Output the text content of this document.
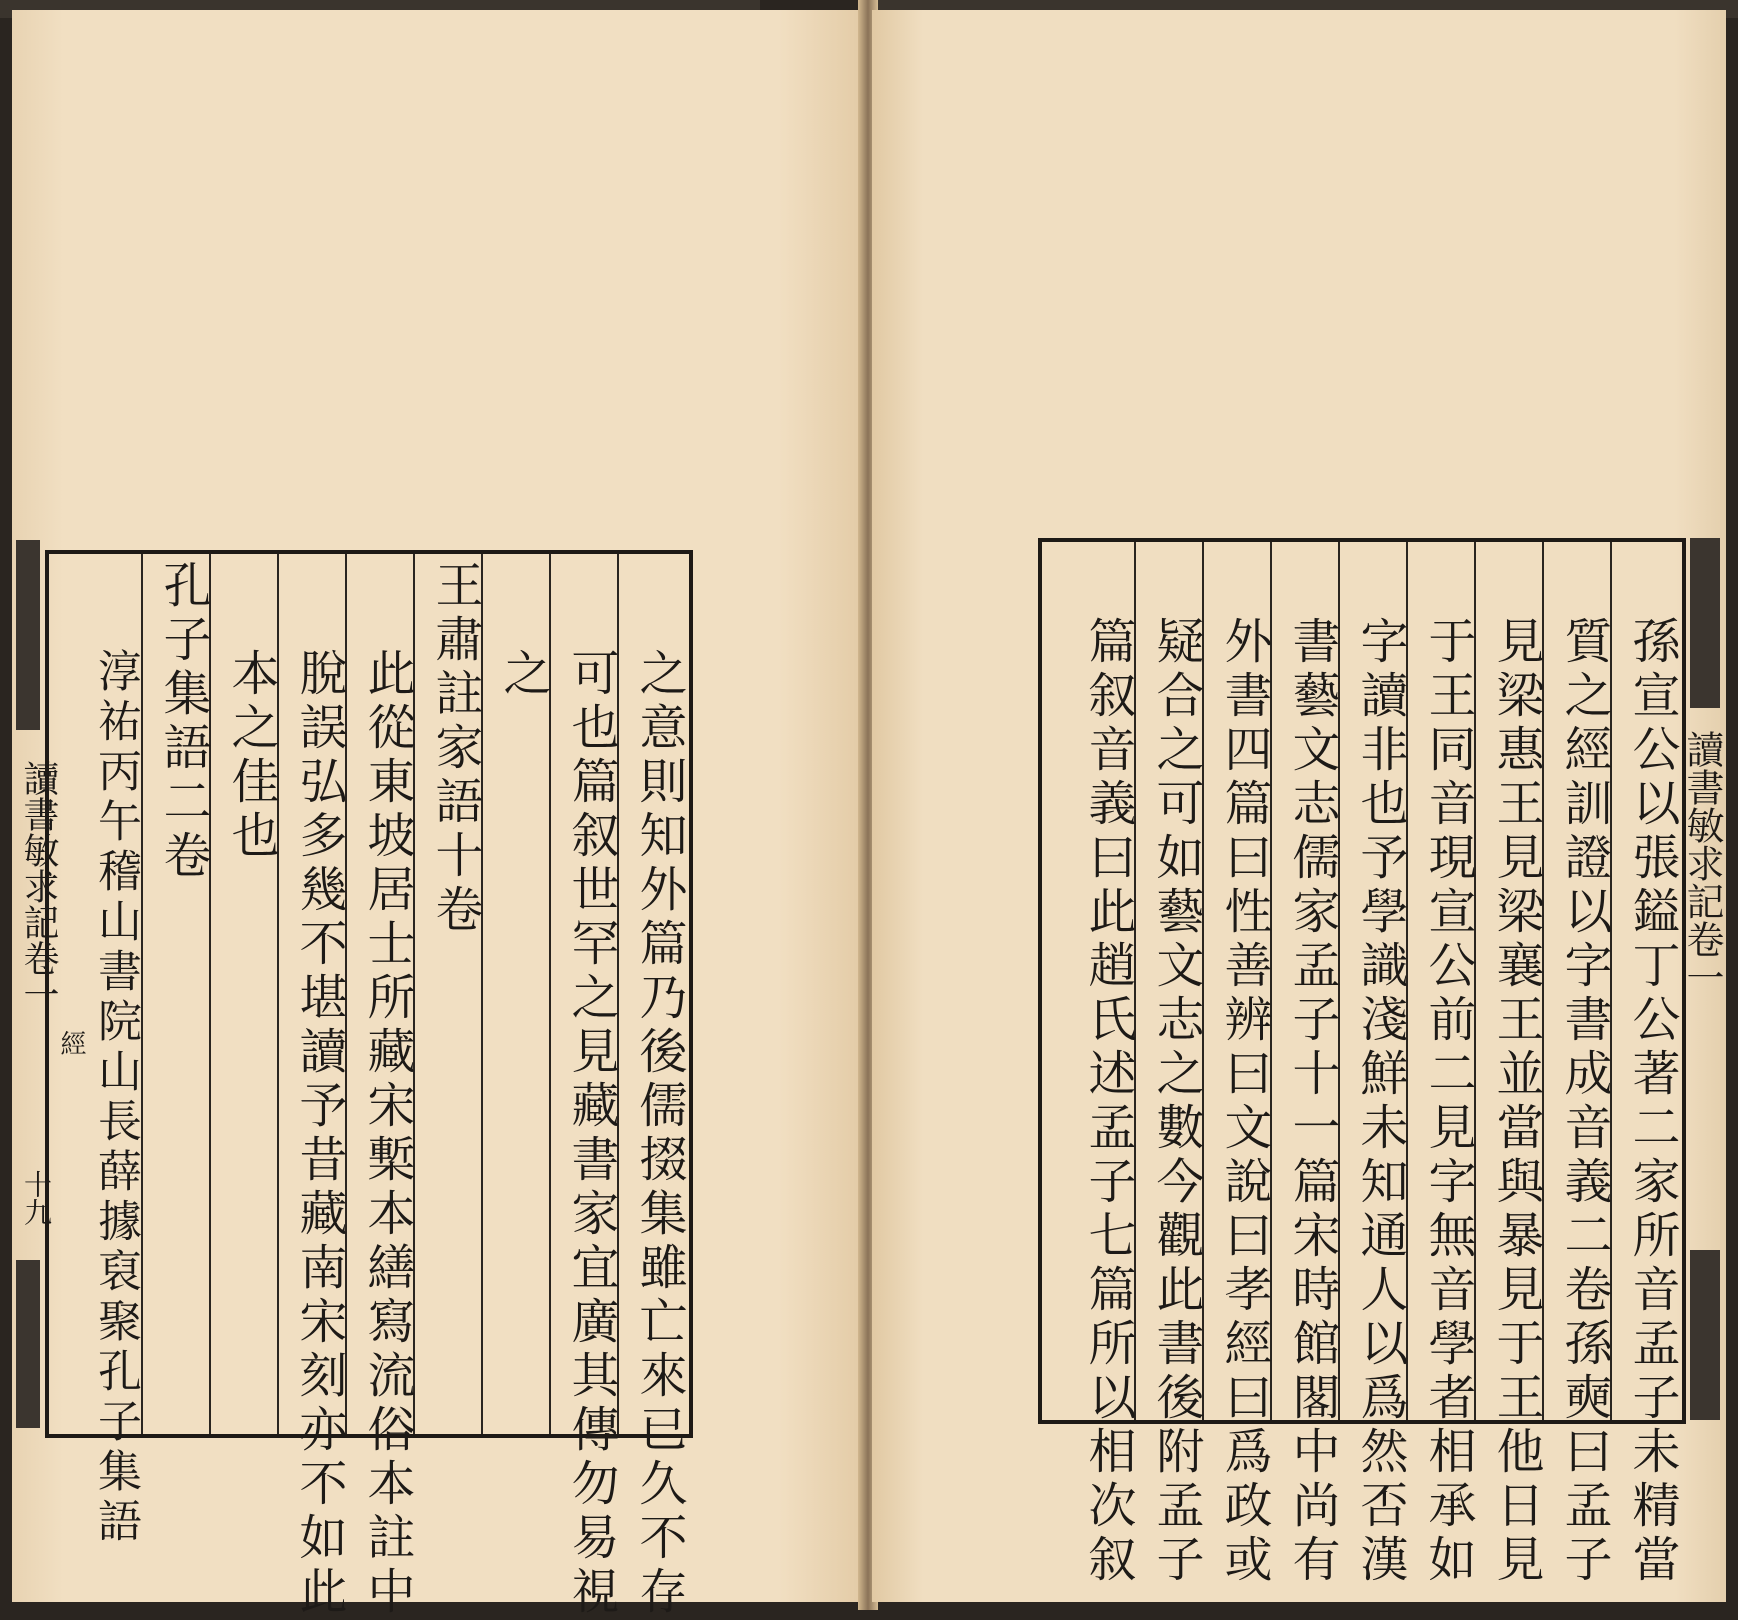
之意則知外篇乃後儒掇集雖亡來已久不存
可也篇叙世罕之見藏書家宜廣其傳勿易視
之
王肅註家語十卷
此從東坡居士所藏宋槧本繕寫流俗本註中
脫誤弘多幾不堪讀予昔藏南宋刻亦不如此
本之佳也
孔子集語二卷
淳祐丙午稽山書院山長薛據裒聚孔子集語
讀書敏求記卷一
經
十九	孫宣公以張鎰丁公著二家所音孟子未精當
質之經訓證以字書成音義二卷孫奭曰孟子
見梁惠王見梁襄王並當與暴見于王他日見
于王同音現宣公前二見字無音學者相承如
字讀非也予學識淺鮮未知通人以爲然否漢
書藝文志儒家孟子十一篇宋時館閣中尚有
外書四篇曰性善辨曰文說曰孝經曰爲政或
疑合之可如藝文志之數今觀此書後附孟子
篇叙音義曰此趙氏述孟子七篇所以相次叙	讀書敏求記卷一
